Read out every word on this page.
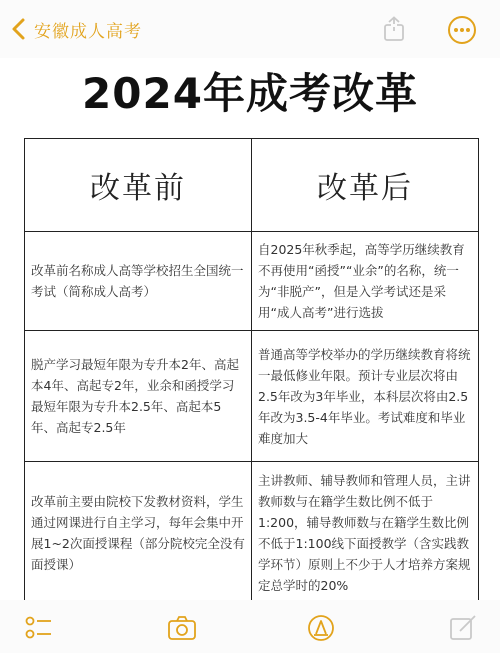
安徽成人高考
2024年成考改革
改革前	改革后
改革前名称成人高等学校招生全国统一考试（简称成人高考）	自2025年秋季起，高等学历继续教育不再使用“函授”“业余”的名称，统一为“非脱产”，但是入学考试还是采用“成人高考”进行选拔
脱产学习最短年限为专升本2年、高起本4年、高起专2年，业余和函授学习最短年限为专升本2.5年、高起本5年、高起专2.5年	普通高等学校举办的学历继续教育将统一最低修业年限。预计专业层次将由2.5年改为3年毕业，本科层次将由2.5年改为3.5-4年毕业。考试难度和毕业难度加大
改革前主要由院校下发教材资料，学生通过网课进行自主学习，每年会集中开展1~2次面授课程（部分院校完全没有面授课）	主讲教师、辅导教师和管理人员，主讲教师数与在籍学生数比例不低于1:200，辅导教师数与在籍学生数比例不低于1:100线下面授教学（含实践教学环节）原则上不少于人才培养方案规定总学时的20%
